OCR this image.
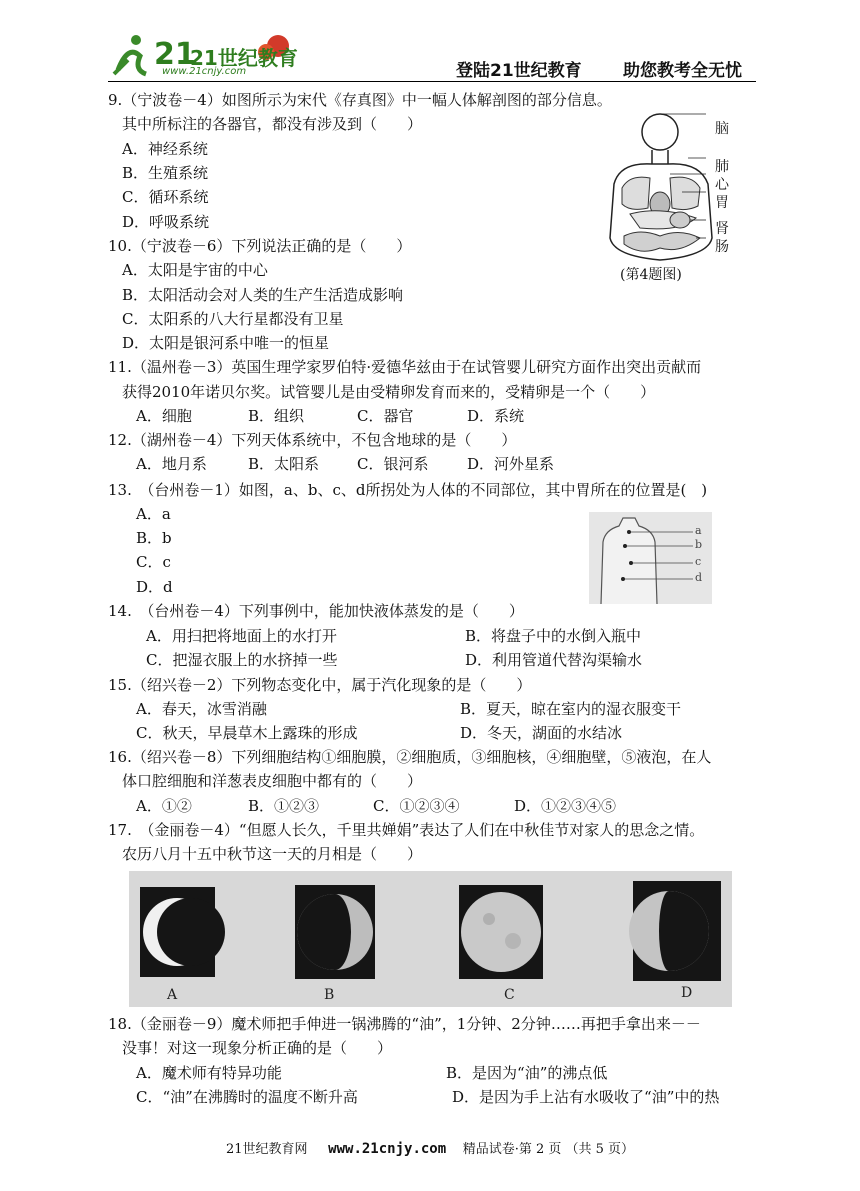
21
21世纪教育
www.21cnjy.com	登陆21世纪教育 助您教考全无忧
9.（宁波卷－4）如图所示为宋代《存真图》中一幅人体解剖图的部分信息。
其中所标注的各器官，都没有涉及到（　　）
A．神经系统
B．生殖系统
C．循环系统
D．呼吸系统
脑
肺
心
胃
肾
肠
(第4题图)
10.（宁波卷－6）下列说法正确的是（　　）
A．太阳是宇宙的中心
B．太阳活动会对人类的生产生活造成影响
C．太阳系的八大行星都没有卫星
D．太阳是银河系中唯一的恒星
11.（温州卷－3）英国生理学家罗伯特·爱德华兹由于在试管婴儿研究方面作出突出贡献而
获得2010年诺贝尔奖。试管婴儿是由受精卵发育而来的，受精卵是一个（　　）
A．细胞	B．组织	C．器官	D．系统
12.（湖州卷－4）下列天体系统中，不包含地球的是（　　）
A．地月系	B．太阳系	C．银河系	D．河外星系
13.　（台州卷－1）如图，a、b、c、d所拐处为人体的不同部位，其中胃所在的位置是(　)
A．a
B．b
C．c
D．d
a
b
c
d
14.　（台州卷－4）下列事例中，能加快液体蒸发的是（　　）
A．用扫把将地面上的水打开	B．将盘子中的水倒入瓶中
C．把湿衣服上的水挤掉一些	D．利用管道代替沟渠输水
15.（绍兴卷－2）下列物态变化中，属于汽化现象的是（　　）
A．春天，冰雪消融	B．夏天，晾在室内的湿衣服变干
C．秋天，早晨草木上露珠的形成	D．冬天，湖面的水结冰
16.（绍兴卷－8）下列细胞结构①细胞膜，②细胞质，③细胞核，④细胞壁，⑤液泡，在人
体口腔细胞和洋葱表皮细胞中都有的（　　）
A．①②	B．①②③	C．①②③④	D．①②③④⑤
17.　（金丽卷－4）“但愿人长久，千里共婵娟”表达了人们在中秋佳节对家人的思念之情。
农历八月十五中秋节这一天的月相是（　　）
A	B	C	D
18.（金丽卷－9）魔术师把手伸进一锅沸腾的“油”，1分钟、2分钟……再把手拿出来－－
没事！对这一现象分析正确的是（　　）
A．魔术师有特异功能	B．是因为“油”的沸点低
C．“油”在沸腾时的温度不断升高	D．是因为手上沾有水吸收了“油”中的热
21世纪教育网 www.21cnjy.com 精品试卷·第 2 页 （共 5 页）
